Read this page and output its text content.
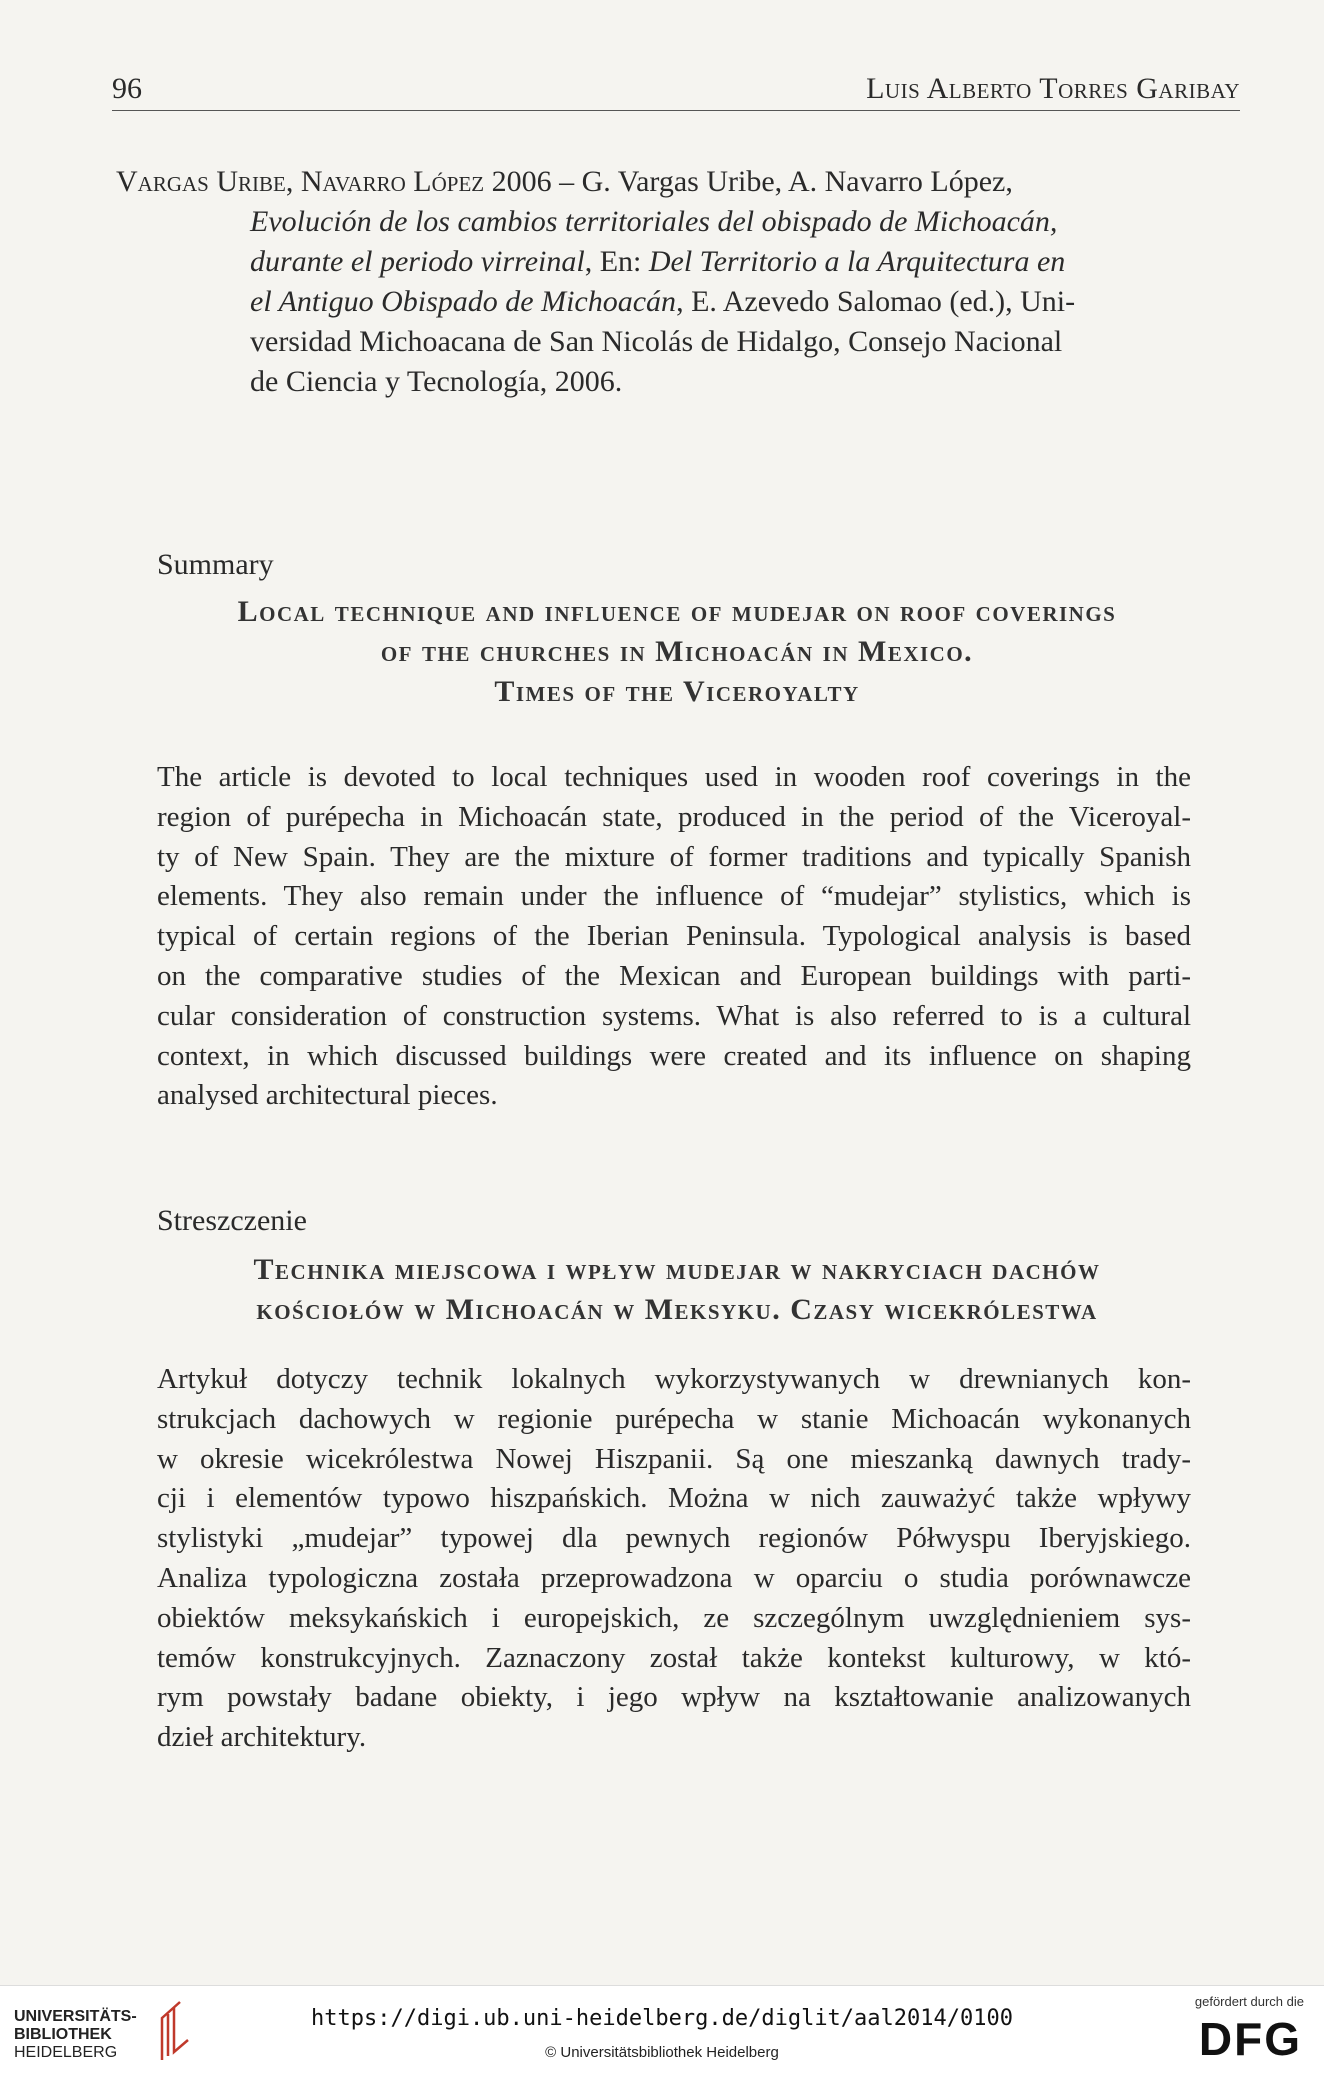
96	Luis Alberto Torres Garibay
Vargas Uribe, Navarro López 2006 – G. Vargas Uribe, A. Navarro López,
Evolución de los cambios territoriales del obispado de Michoacán,
durante el periodo virreinal, En: Del Territorio a la Arquitectura en
el Antiguo Obispado de Michoacán, E. Azevedo Salomao (ed.), Uni-
versidad Michoacana de San Nicolás de Hidalgo, Consejo Nacional
de Ciencia y Tecnología, 2006.
Summary
Local technique and influence of mudejar on roof coverings
of the churches in Michoacán in Mexico.
Times of the Viceroyalty
The article is devoted to local techniques used in wooden roof coverings in the
region of purépecha in Michoacán state, produced in the period of the Viceroyal-
ty of New Spain. They are the mixture of former traditions and typically Spanish
elements. They also remain under the influence of “mudejar” stylistics, which is
typical of certain regions of the Iberian Peninsula. Typological analysis is based
on the comparative studies of the Mexican and European buildings with parti-
cular consideration of construction systems. What is also referred to is a cultural
context, in which discussed buildings were created and its influence on shaping
analysed architectural pieces.
Streszczenie
Technika miejscowa i wpływ mudejar w nakryciach dachów
kościołów w Michoacán w Meksyku. Czasy wicekrólestwa
Artykuł dotyczy technik lokalnych wykorzystywanych w drewnianych kon-
strukcjach dachowych w regionie purépecha w stanie Michoacán wykonanych
w okresie wicekrólestwa Nowej Hiszpanii. Są one mieszanką dawnych trady-
cji i elementów typowo hiszpańskich. Można w nich zauważyć także wpływy
stylistyki „mudejar” typowej dla pewnych regionów Półwyspu Iberyjskiego.
Analiza typologiczna została przeprowadzona w oparciu o studia porównawcze
obiektów meksykańskich i europejskich, ze szczególnym uwzględnieniem sys-
temów konstrukcyjnych. Zaznaczony został także kontekst kulturowy, w któ-
rym powstały badane obiekty, i jego wpływ na kształtowanie analizowanych
dzieł architektury.
UNIVERSITÄTS-
BIBLIOTHEK
HEIDELBERG
https://digi.ub.uni-heidelberg.de/diglit/aal2014/0100
© Universitätsbibliothek Heidelberg
gefördert durch die
DFG
